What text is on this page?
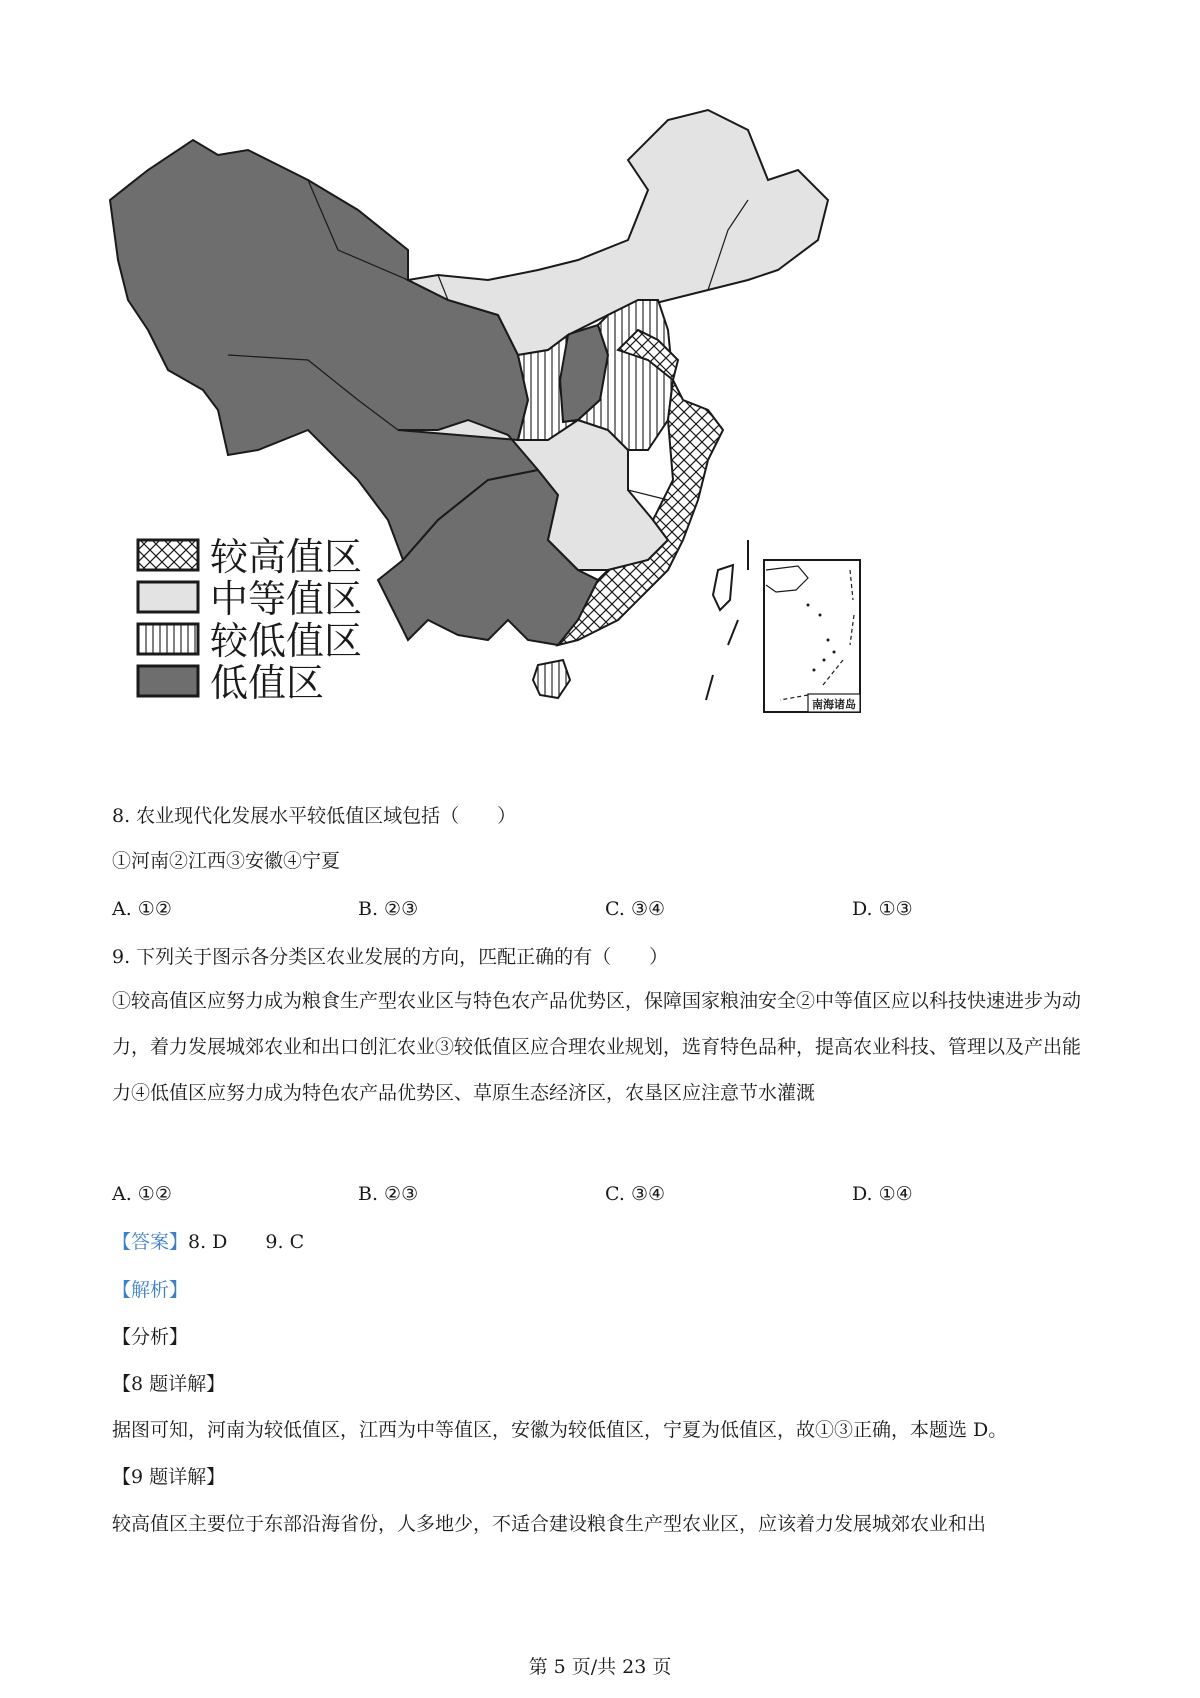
南海诸岛
较高值区
中等值区
较低值区
低值区
8. 农业现代化发展水平较低值区域包括（　　）
①河南②江西③安徽④宁夏
A. ①②	B. ②③	C. ③④	D. ①③
9. 下列关于图示各分类区农业发展的方向，匹配正确的有（　　）
①较高值区应努力成为粮食生产型农业区与特色农产品优势区，保障国家粮油安全②中等值区应以科技快速进步为动力，着力发展城郊农业和出口创汇农业③较低值区应合理农业规划，选育特色品种，提高农业科技、管理以及产出能力④低值区应努力成为特色农产品优势区、草原生态经济区，农垦区应注意节水灌溉
A. ①②	B. ②③	C. ③④	D. ①④
【答案】8. D　　9. C
【解析】
【分析】
【8 题详解】
据图可知，河南为较低值区，江西为中等值区，安徽为较低值区，宁夏为低值区，故①③正确，本题选 D。
【9 题详解】
较高值区主要位于东部沿海省份，人多地少，不适合建设粮食生产型农业区，应该着力发展城郊农业和出
第 5 页/共 23 页
